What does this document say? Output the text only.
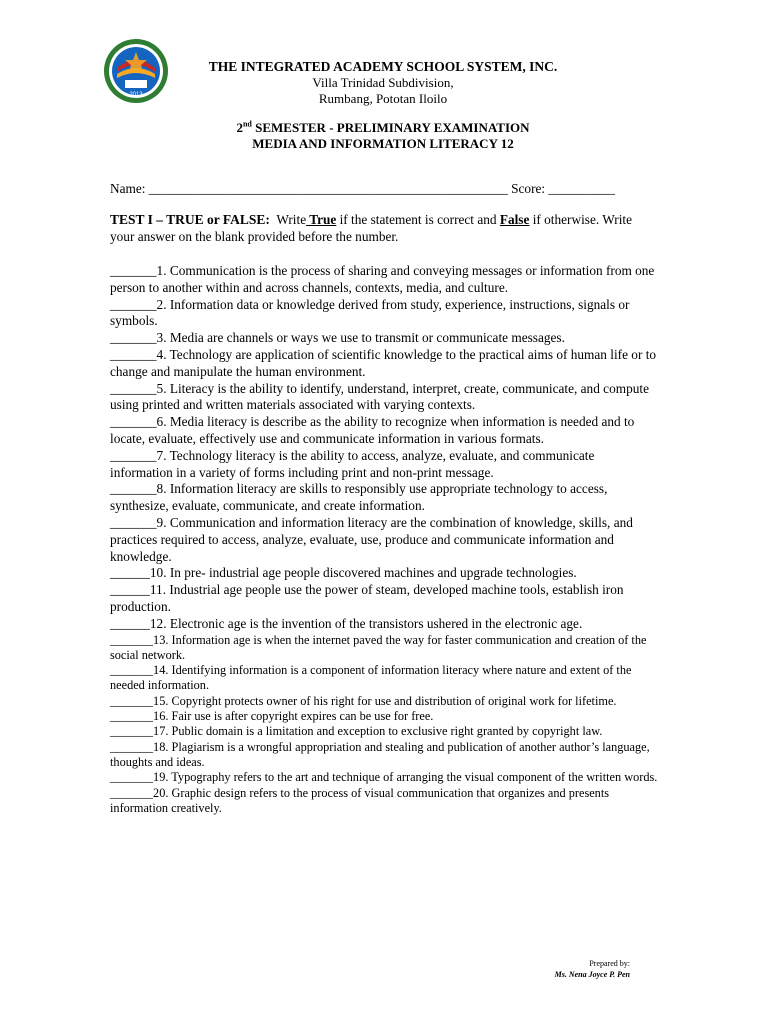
2013
THE INTEGRATED ACADEMY SCHOOL SYSTEM, INC.
Villa Trinidad Subdivision,
Rumbang, Pototan Iloilo
2nd SEMESTER - PRELIMINARY EXAMINATION
MEDIA AND INFORMATION LITERACY 12
Name: ______________________________________________________ Score: __________
TEST I – TRUE or FALSE: Write True if the statement is correct and False if otherwise. Write your answer on the blank provided before the number.

_______1. Communication is the process of sharing and conveying messages or information from one person to another within and across channels, contexts, media, and culture.

_______2. Information data or knowledge derived from study, experience, instructions, signals or symbols.

_______3. Media are channels or ways we use to transmit or communicate messages.

_______4. Technology are application of scientific knowledge to the practical aims of human life or to change and manipulate the human environment.

_______5. Literacy is the ability to identify, understand, interpret, create, communicate, and compute using printed and written materials associated with varying contexts.

_______6. Media literacy is describe as the ability to recognize when information is needed and to locate, evaluate, effectively use and communicate information in various formats.

_______7. Technology literacy is the ability to access, analyze, evaluate, and communicate information in a variety of forms including print and non-print message.

_______8. Information literacy are skills to responsibly use appropriate technology to access, synthesize, evaluate, communicate, and create information.

_______9. Communication and information literacy are the combination of knowledge, skills, and practices required to access, analyze, evaluate, use, produce and communicate information and knowledge.

______10. In pre- industrial age people discovered machines and upgrade technologies.

______11. Industrial age people use the power of steam, developed machine tools, establish iron production.

______12. Electronic age is the invention of the transistors ushered in the electronic age.

_______13. Information age is when the internet paved the way for faster communication and creation of the social network.

_______14. Identifying information is a component of information literacy where nature and extent of the needed information.

_______15. Copyright protects owner of his right for use and distribution of original work for lifetime.

_______16. Fair use is after copyright expires can be use for free.

_______17. Public domain is a limitation and exception to exclusive right granted by copyright law.

_______18. Plagiarism is a wrongful appropriation and stealing and publication of another author’s language, thoughts and ideas.

_______19. Typography refers to the art and technique of arranging the visual component of the written words.

_______20. Graphic design refers to the process of visual communication that organizes and presents information creatively.

Prepared by:
Ms. Nena Joyce P. Pen
